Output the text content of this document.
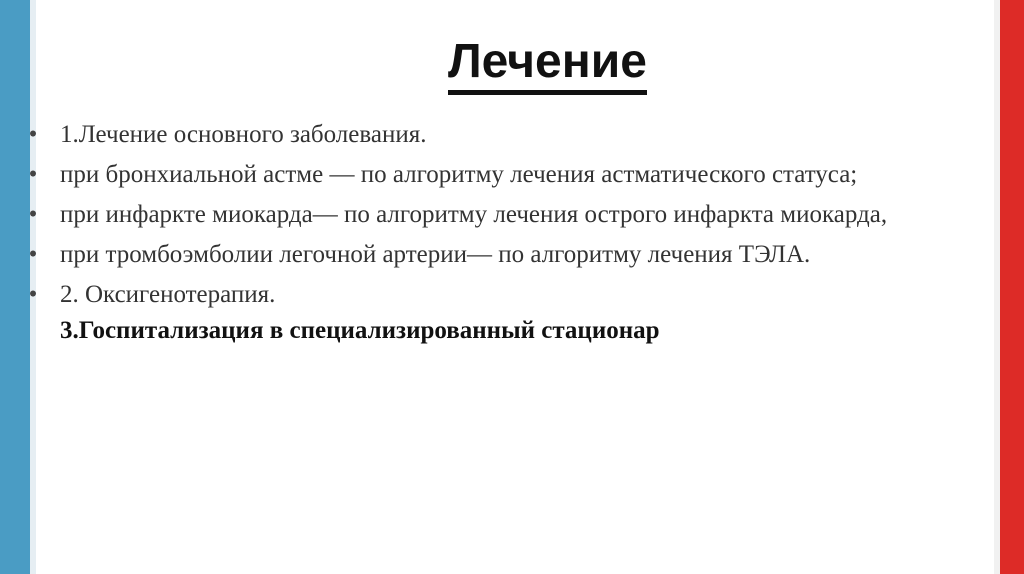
Лечение
• 1.Лечение основного заболевания.
• при бронхиальной астме — по алгоритму лечения астматического статуса;
• при инфаркте миокарда— по алгоритму лечения острого инфаркта миокарда,
• при тромбоэмболии легочной артерии— по алгоритму лечения ТЭЛА.
• 2. Оксигенотерапия.
3.Госпитализация в специализированный стационар
